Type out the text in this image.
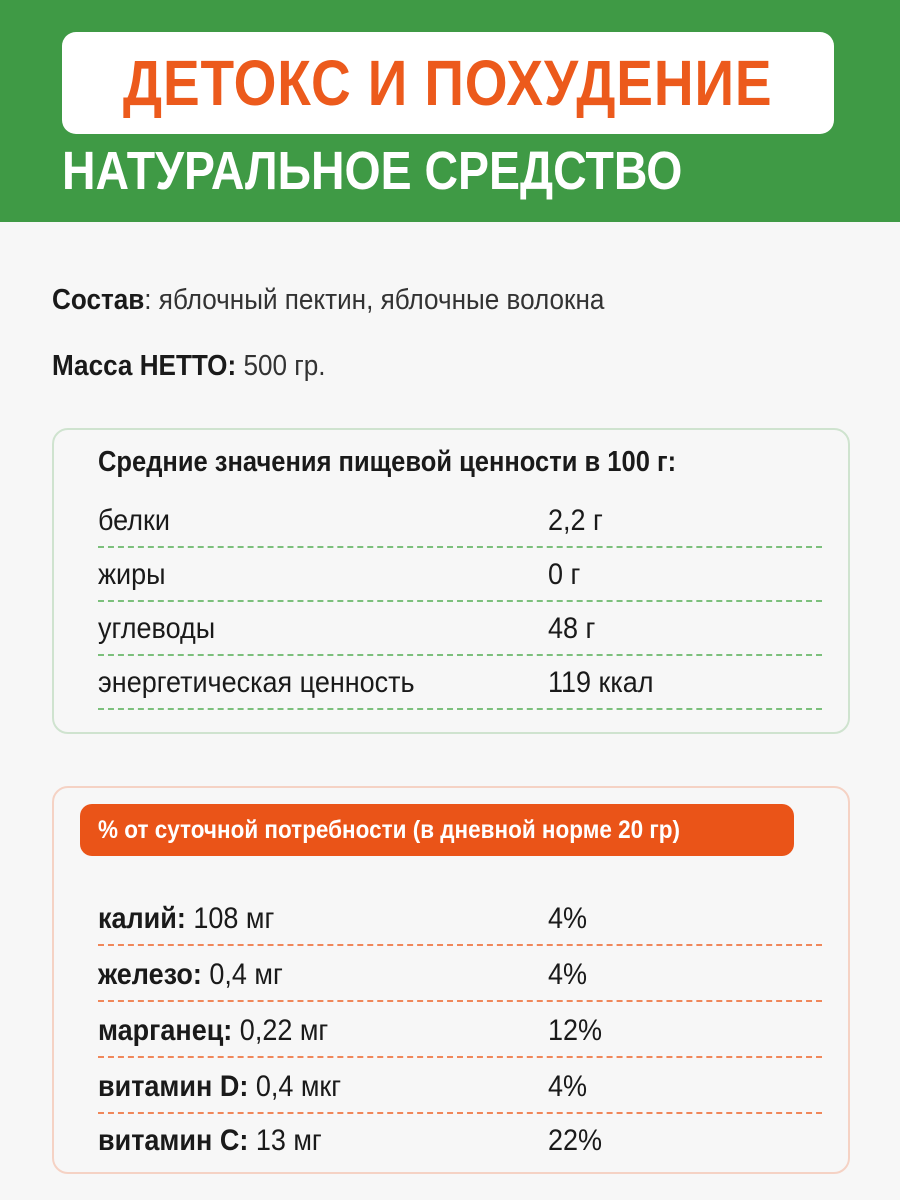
ДЕТОКС И ПОХУДЕНИЕ
НАТУРАЛЬНОЕ СРЕДСТВО
Состав: яблочный пектин, яблочные волокна
Масса НЕТТО: 500 гр.
Средние значения пищевой ценности в 100 г:
белки	2,2 г
жиры	0 г
углеводы	48 г
энергетическая ценность	119 ккал
% от суточной потребности (в дневной норме 20 гр)
калий: 108 мг	4%
железо: 0,4 мг	4%
марганец: 0,22 мг	12%
витамин D: 0,4 мкг	4%
витамин С: 13 мг	22%
